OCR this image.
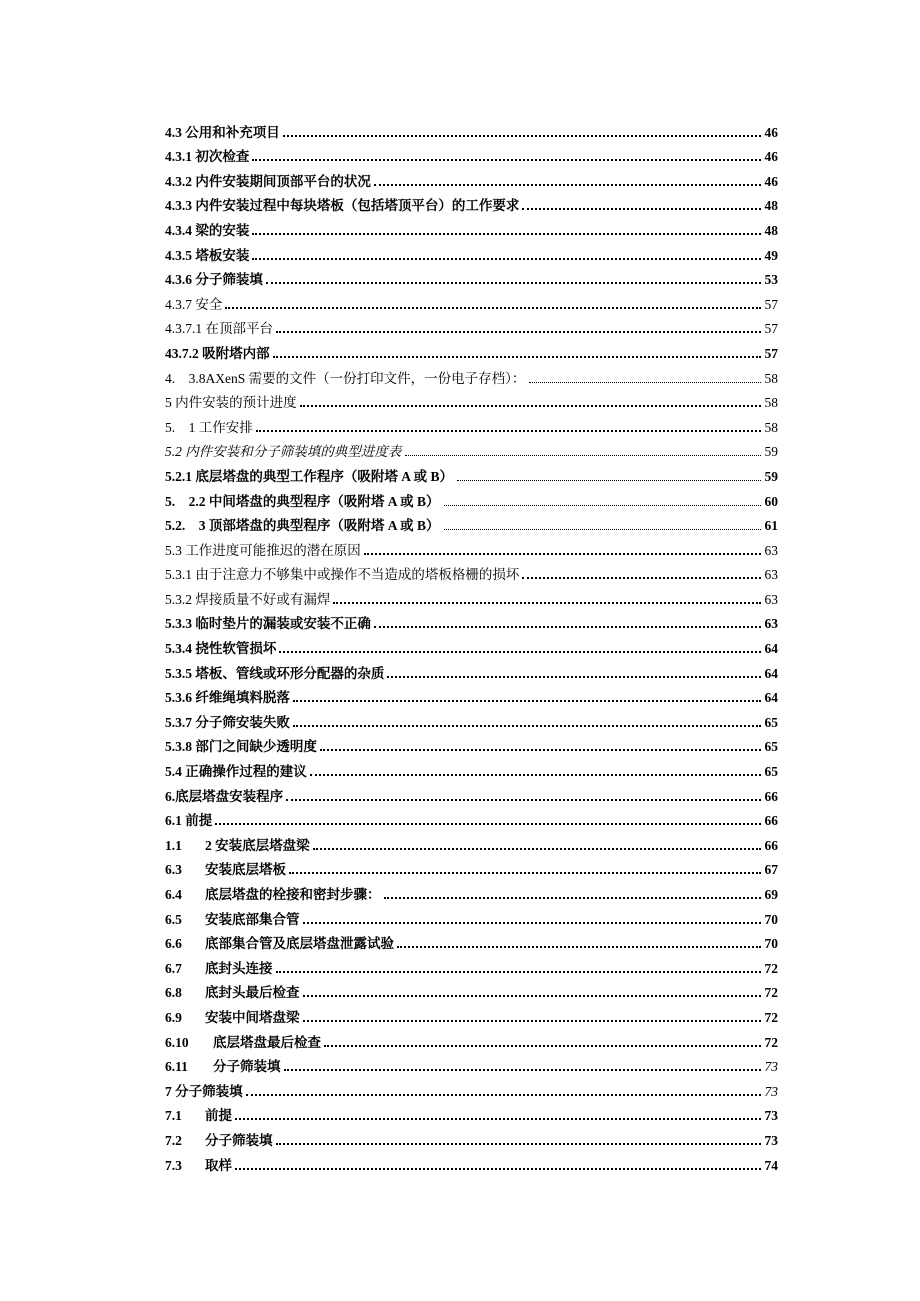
4.3 公用和补充项目	46
4.3.1 初次检查	46
4.3.2 内件安装期间顶部平台的状况	46
4.3.3 内件安装过程中每块塔板（包括塔顶平台）的工作要求	48
4.3.4 梁的安装	48
4.3.5 塔板安装	49
4.3.6 分子筛装填	53
4.3.7 安全	57
4.3.7.1 在顶部平台	57
43.7.2 吸附塔内部	57
4.　3.8AXenS 需要的文件（一份打印文件，一份电子存档）：	58
5 内件安装的预计进度	58
5.　1 工作安排	58
5.2 内件安装和分子筛装填的典型进度表	59
5.2.1 底层塔盘的典型工作程序（吸附塔 A 或 B）	59
5.　2.2 中间塔盘的典型程序（吸附塔 A 或 B）	60
5.2.　3 顶部塔盘的典型程序（吸附塔 A 或 B）	61
5.3 工作进度可能推迟的潜在原因	63
5.3.1 由于注意力不够集中或操作不当造成的塔板格栅的损坏	63
5.3.2 焊接质量不好或有漏焊	63
5.3.3 临时垫片的漏装或安装不正确	63
5.3.4 挠性软管损坏	64
5.3.5 塔板、管线或环形分配器的杂质	64
5.3.6 纤维绳填料脱落	64
5.3.7 分子筛安装失败	65
5.3.8 部门之间缺少透明度	65
5.4 正确操作过程的建议	65
6.底层塔盘安装程序	66
6.1 前提	66
1.1 2 安装底层塔盘梁	66
6.3 安装底层塔板	67
6.4 底层塔盘的栓接和密封步骤：	69
6.5 安装底部集合管	70
6.6 底部集合管及底层塔盘泄露试验	70
6.7 底封头连接	72
6.8 底封头最后检查	72
6.9 安装中间塔盘梁	72
6.10 底层塔盘最后检查	72
6.11 分子筛装填	73
7 分子筛装填	73
7.1 前提	73
7.2 分子筛装填	73
7.3 取样	74
